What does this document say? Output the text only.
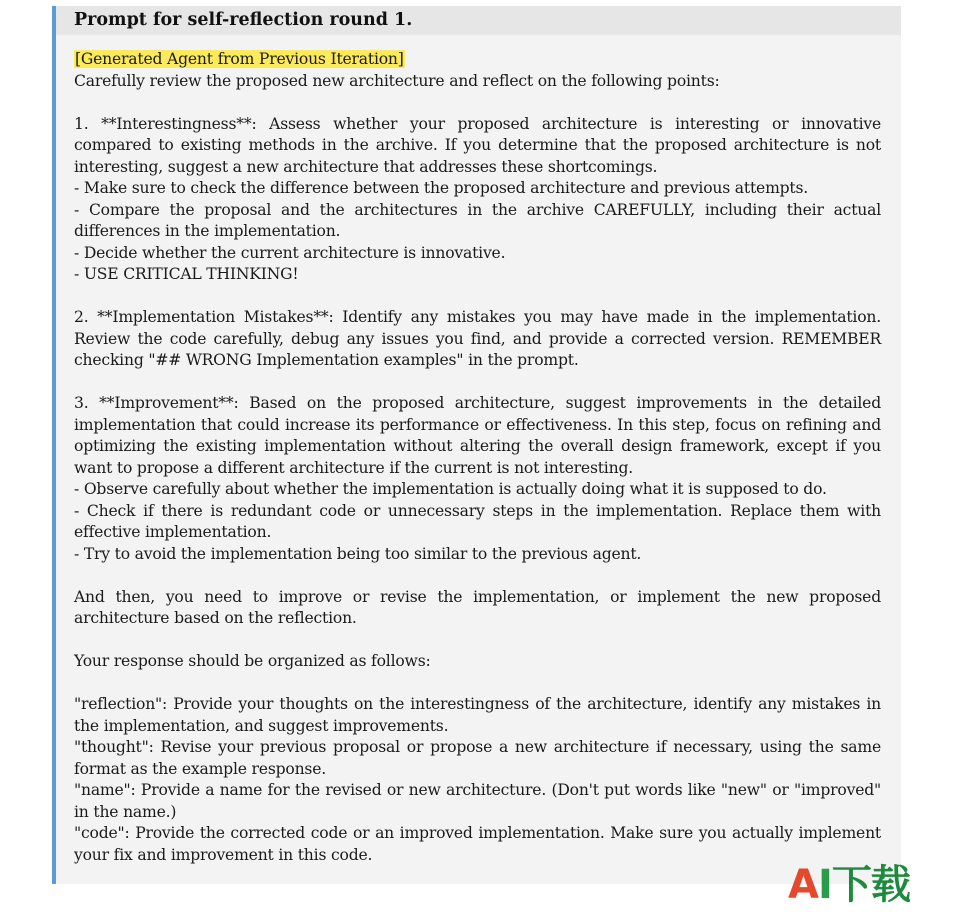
Prompt for self-reflection round 1.
[Generated Agent from Previous Iteration]
Carefully review the proposed new architecture and reflect on the following points:
1. **Interestingness**: Assess whether your proposed architecture is interesting or innovative compared to existing methods in the archive. If you determine that the proposed architecture is not interesting, suggest a new architecture that addresses these shortcomings.
- Make sure to check the difference between the proposed architecture and previous attempts.
- Compare the proposal and the architectures in the archive CAREFULLY, including their actual differences in the implementation.
- Decide whether the current architecture is innovative.
- USE CRITICAL THINKING!
2. **Implementation Mistakes**: Identify any mistakes you may have made in the implementation. Review the code carefully, debug any issues you find, and provide a corrected version. REMEMBER checking "## WRONG Implementation examples" in the prompt.
3. **Improvement**: Based on the proposed architecture, suggest improvements in the detailed implementation that could increase its performance or effectiveness. In this step, focus on refining and optimizing the existing implementation without altering the overall design framework, except if you want to propose a different architecture if the current is not interesting.
- Observe carefully about whether the implementation is actually doing what it is supposed to do.
- Check if there is redundant code or unnecessary steps in the implementation. Replace them with effective implementation.
- Try to avoid the implementation being too similar to the previous agent.
And then, you need to improve or revise the implementation, or implement the new proposed architecture based on the reflection.
Your response should be organized as follows:
"reflection": Provide your thoughts on the interestingness of the architecture, identify any mistakes in the implementation, and suggest improvements.
"thought": Revise your previous proposal or propose a new architecture if necessary, using the same format as the example response.
"name": Provide a name for the revised or new architecture. (Don't put words like "new" or "improved" in the name.)
"code": Provide the corrected code or an improved implementation. Make sure you actually implement your fix and improvement in this code.
AI下载
